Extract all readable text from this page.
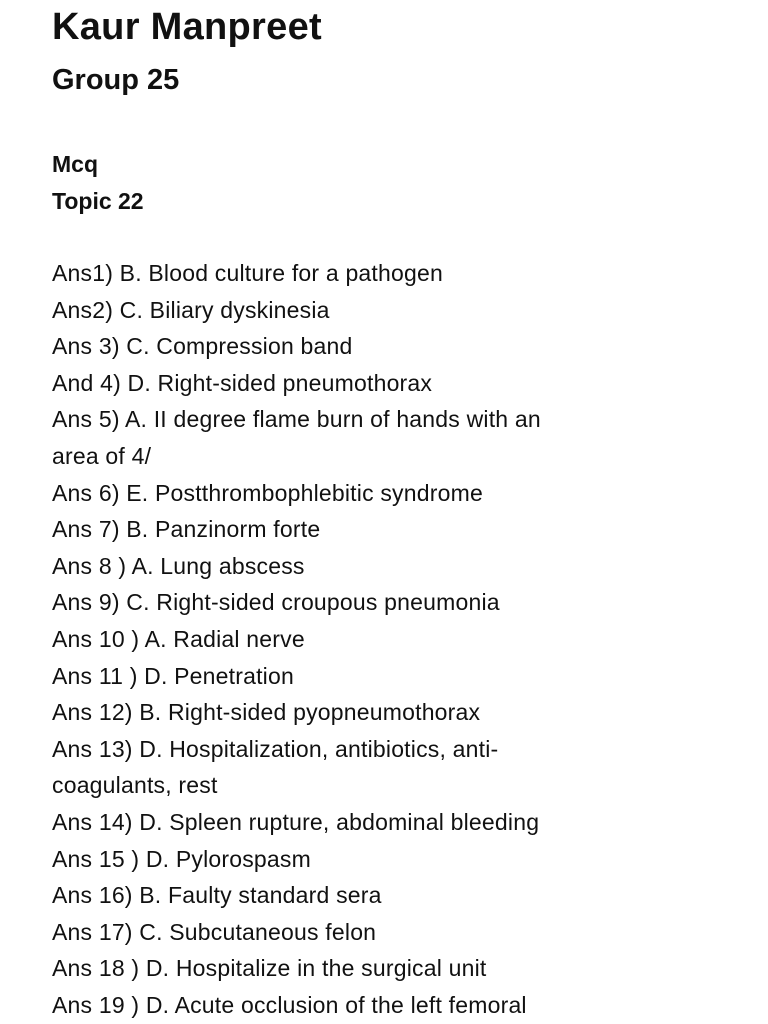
Kaur Manpreet
Group 25
Mcq
Topic 22
Ans1) B. Blood culture for a pathogen
Ans2) C. Biliary dyskinesia
Ans 3) C. Compression band
And 4) D. Right-sided pneumothorax
Ans 5) A. II degree flame burn of hands with an
area of 4/
Ans 6) E. Postthrombophlebitic syndrome
Ans 7) B. Panzinorm forte
Ans 8 ) A. Lung abscess
Ans 9) C. Right-sided croupous pneumonia
Ans 10 ) A. Radial nerve
Ans 11 ) D. Penetration
Ans 12) B. Right-sided pyopneumothorax
Ans 13) D. Hospitalization, antibiotics, anti-
coagulants, rest
Ans 14) D. Spleen rupture, abdominal bleeding
Ans 15 ) D. Pylorospasm
Ans 16) B. Faulty standard sera
Ans 17) C. Subcutaneous felon
Ans 18 ) D. Hospitalize in the surgical unit
Ans 19 ) D. Acute occlusion of the left femoral
